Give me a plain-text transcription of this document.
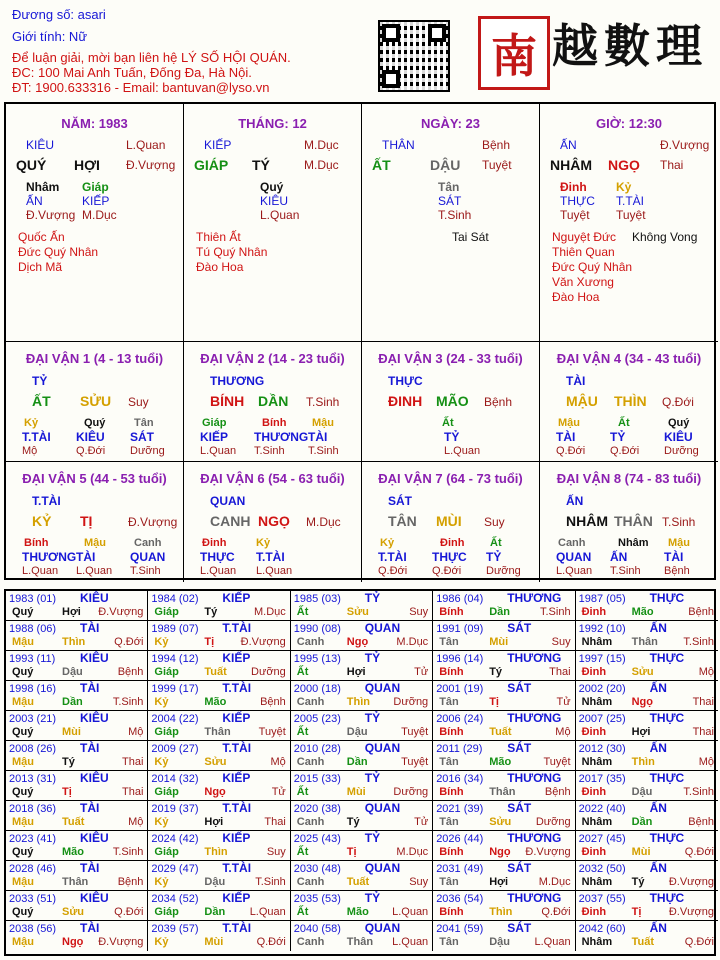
Đương số: asari
Giới tính: Nữ
Để luận giải, mời bạn liên hệ LÝ SỐ HỘI QUÁN.
ĐC: 100 Mai Anh Tuấn, Đống Đa, Hà Nội.
ĐT: 1900.633316 - Email: bantuvan@lyso.vn
南 越數理
NĂM: 1983
KIÊU	L.Quan
QUÝ HỢI Đ.Vượng
Nhâm Giáp
ẤN	KIẾP
Đ.Vượng M.Dục
Quốc Ấn
Đức Quý Nhân
Dịch Mã
THÁNG: 12
KIẾP	M.Dục
GIÁP TÝ	M.Dục
Quý
KIÊU
L.Quan
Thiên Ất
Tú Quý Nhân
Đào Hoa
NGÀY: 23
THÂN	Bệnh
ẤT	DẬU Tuyệt
Tân
SÁT
T.Sinh
Tai Sát
GIỜ: 12:30
ẤN	Đ.Vượng
NHÂM NGỌ Thai
Đinh Kỷ
THỰC T.TÀI
Tuyệt Tuyệt
Nguyệt Đức
Thiên Quan
Đức Quý Nhân
Văn Xương
Đào Hoa
Không Vong
ĐẠI VẬN 1 (4 - 13 tuổi)
TỶ
ẤT SỬU Suy
Kỷ	Quý	Tân
T.TÀI KIÊU SÁT
Mộ	Q.Đới Dưỡng
ĐẠI VẬN 2 (14 - 23 tuổi)
THƯƠNG
BÍNH DẦN T.Sinh
Giáp	Bính Mậu
KIẾP THƯƠNG TÀI
L.Quan T.Sinh T.Sinh
ĐẠI VẬN 3 (24 - 33 tuổi)
THỰC
ĐINH MÃO Bệnh
Ất
TỶ
L.Quan
ĐẠI VẬN 4 (34 - 43 tuổi)
TÀI
MẬU THÌN Q.Đới
Mậu	Ất	Quý
TÀI	TỶ	KIÊU
Q.Đới Q.Đới Dưỡng
ĐẠI VẬN 5 (44 - 53 tuổi)
T.TÀI
KỶ TỊ	Đ.Vượng
Bính	Mậu	Canh
THƯƠNG TÀI	QUAN
L.Quan L.Quan T.Sinh
ĐẠI VẬN 6 (54 - 63 tuổi)
QUAN
CANH NGỌ M.Dục
Đinh	Kỷ
THỰC T.TÀI
L.Quan L.Quan
ĐẠI VẬN 7 (64 - 73 tuổi)
SÁT
TÂN MÙI Suy
Kỷ	Đinh Ất
T.TÀI THỰC TỶ
Q.Đới Q.Đới Dưỡng
ĐẠI VẬN 8 (74 - 83 tuổi)
ẤN
NHÂM THÂN T.Sinh
Canh	Nhâm Mậu
QUAN ẤN	TÀI
L.Quan T.Sinh Bệnh
1983 (01) KIÊU
Quý	Hợi Đ.Vượng
1984 (02) KIẾP
Giáp Tý	M.Dục
1985 (03) TỶ
Ất	Sửu	Suy
1986 (04) THƯƠNG
Bính Dần	T.Sinh
1987 (05) THỰC
Đinh Mão	Bệnh
1988 (06) TÀI
Mậu	Thìn	Q.Đới
1989 (07) T.TÀI
Kỷ	Tị Đ.Vượng
1990 (08) QUAN
Canh Ngọ	M.Dục
1991 (09) SÁT
Tân	Mùi	Suy
1992 (10) ẤN
Nhâm Thân T.Sinh
1993 (11) KIÊU
Quý	Dậu	Bệnh
1994 (12) KIẾP
Giáp Tuất Dưỡng
1995 (13) TỶ
Ất	Hợi	Tử
1996 (14) THƯƠNG
Bính Tý	Thai
1997 (15) THỰC
Đinh Sửu	Mộ
1998 (16) TÀI
Mậu	Dần	T.Sinh
1999 (17) T.TÀI
Kỷ	Mão	Bệnh
2000 (18) QUAN
Canh Thìn Dưỡng
2001 (19) SÁT
Tân	Tị	Tử
2002 (20) ẤN
Nhâm Ngọ	Thai
2003 (21) KIÊU
Quý	Mùi	Mộ
2004 (22) KIẾP
Giáp Thân	Tuyệt
2005 (23) TỶ
Ất	Dậu	Tuyệt
2006 (24) THƯƠNG
Bính Tuất	Mộ
2007 (25) THỰC
Đinh Hợi	Thai
2008 (26) TÀI
Mậu	Tý	Thai
2009 (27) T.TÀI
Kỷ	Sửu	Mộ
2010 (28) QUAN
Canh Dần	Tuyệt
2011 (29) SÁT
Tân	Mão	Tuyệt
2012 (30) ẤN
Nhâm Thìn	Mộ
2013 (31) KIÊU
Quý	Tị	Thai
2014 (32) KIẾP
Giáp Ngọ	Tử
2015 (33) TỶ
Ất	Mùi	Dưỡng
2016 (34) THƯƠNG
Bính Thân	Bệnh
2017 (35) THỰC
Đinh Dậu	T.Sinh
2018 (36) TÀI
Mậu	Tuất	Mộ
2019 (37) T.TÀI
Kỷ	Hợi	Thai
2020 (38) QUAN
Canh Tý	Tử
2021 (39) SÁT
Tân	Sửu Dưỡng
2022 (40) ẤN
Nhâm Dần	Bệnh
2023 (41) KIÊU
Quý	Mão	T.Sinh
2024 (42) KIẾP
Giáp Thìn	Suy
2025 (43) TỶ
Ất	Tị	M.Dục
2026 (44) THƯƠNG
Bính Ngọ Đ.Vượng
2027 (45) THỰC
Đinh Mùi	Q.Đới
2028 (46) TÀI
Mậu	Thân	Bệnh
2029 (47) T.TÀI
Kỷ	Dậu	T.Sinh
2030 (48) QUAN
Canh Tuất	Suy
2031 (49) SÁT
Tân	Hợi	M.Dục
2032 (50) ẤN
Nhâm Tý Đ.Vượng
2033 (51) KIÊU
Quý	Sửu	Q.Đới
2034 (52) KIẾP
Giáp Dần L.Quan
2035 (53) TỶ
Ất	Mão L.Quan
2036 (54) THƯƠNG
Bính Thìn	Q.Đới
2037 (55) THỰC
Đinh Tị Đ.Vượng
2038 (56) TÀI
Mậu	Ngọ Đ.Vượng
2039 (57) T.TÀI
Kỷ	Mùi	Q.Đới
2040 (58) QUAN
Canh Thân L.Quan
2041 (59) SÁT
Tân	Dậu L.Quan
2042 (60) ẤN
Nhâm Tuất	Q.Đới
